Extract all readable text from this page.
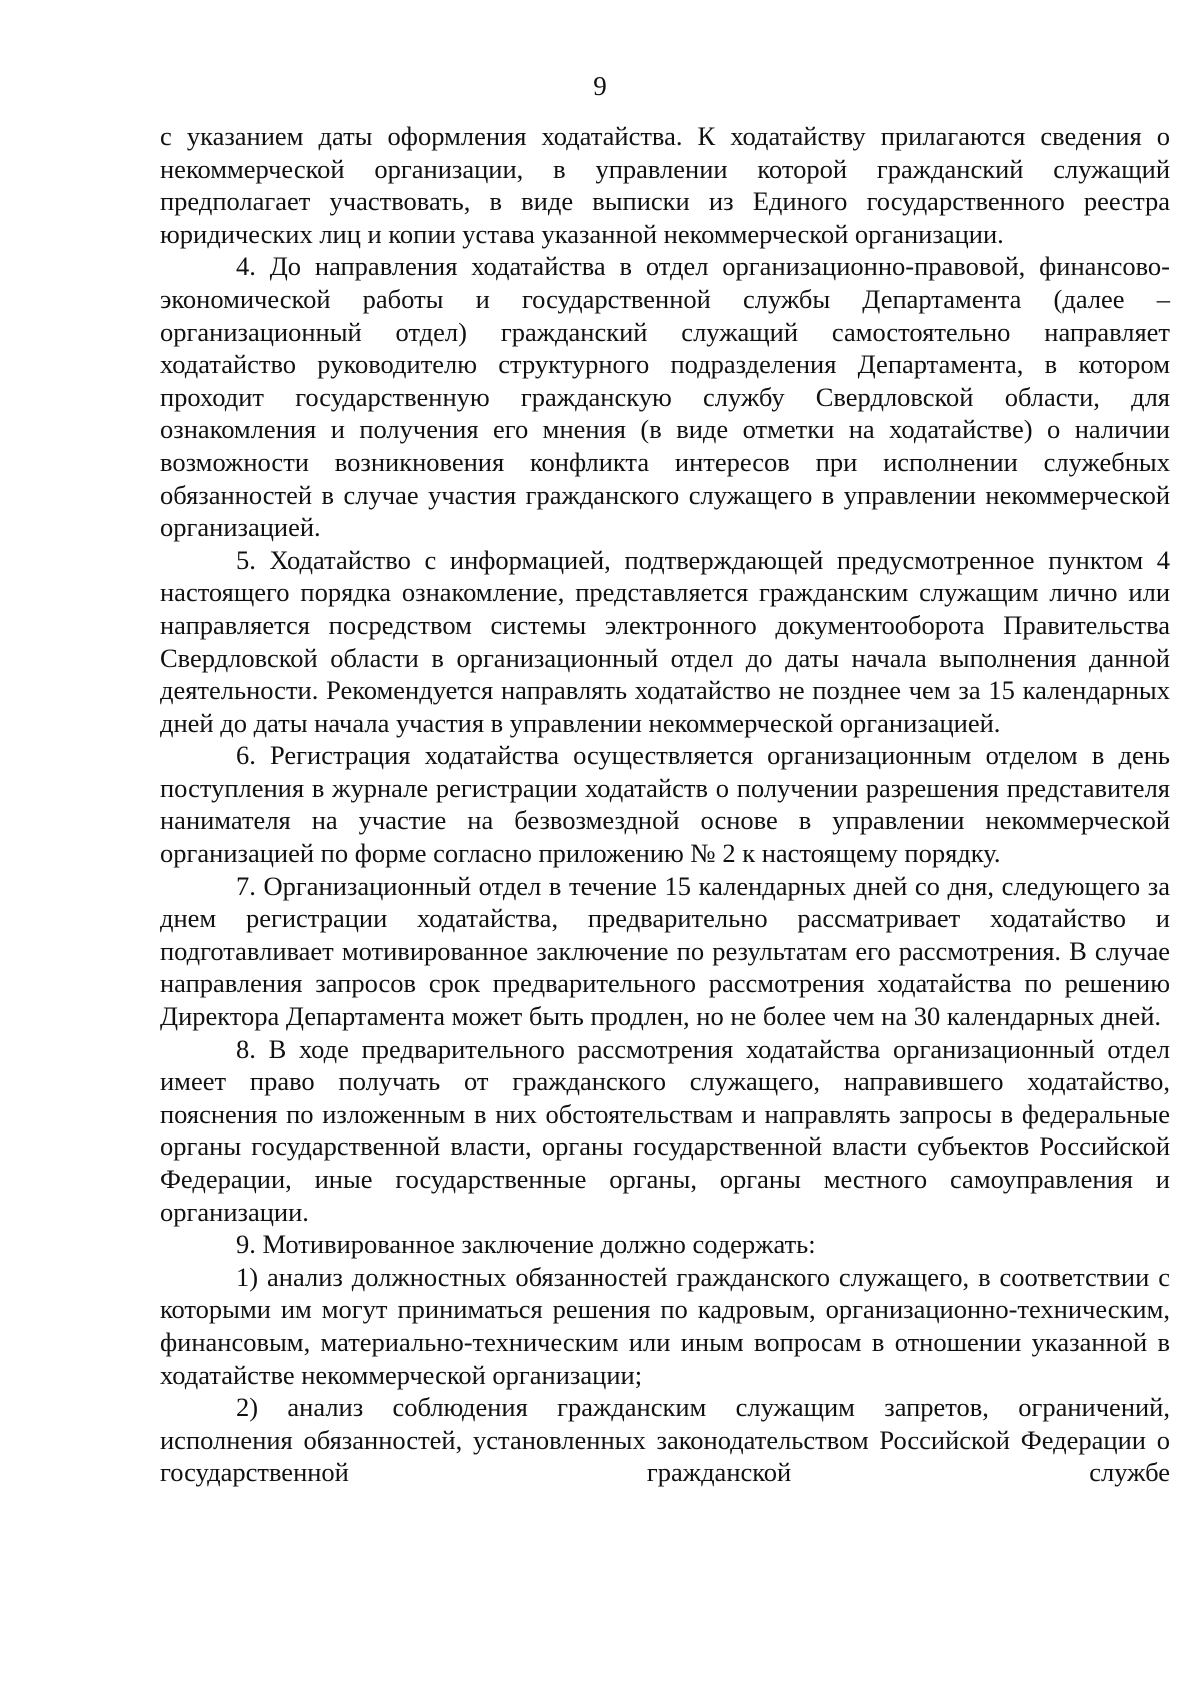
9

с указанием даты оформления ходатайства. К ходатайству прилагаются сведения о некоммерческой организации, в управлении которой гражданский служащий предполагает участвовать, в виде выписки из Единого государственного реестра юридических лиц и копии устава указанной некоммерческой организации.

4. До направления ходатайства в отдел организационно-правовой, финансово-экономической работы и государственной службы Департамента (далее – организационный отдел) гражданский служащий самостоятельно направляет ходатайство руководителю структурного подразделения Департамента, в котором проходит государственную гражданскую службу Свердловской области, для ознакомления и получения его мнения (в виде отметки на ходатайстве) о наличии возможности возникновения конфликта интересов при исполнении служебных обязанностей в случае участия гражданского служащего в управлении некоммерческой организацией.

5. Ходатайство с информацией, подтверждающей предусмотренное пунктом 4 настоящего порядка ознакомление, представляется гражданским служащим лично или направляется посредством системы электронного документооборота Правительства Свердловской области в организационный отдел до даты начала выполнения данной деятельности. Рекомендуется направлять ходатайство не позднее чем за 15 календарных дней до даты начала участия в управлении некоммерческой организацией.

6. Регистрация ходатайства осуществляется организационным отделом в день поступления в журнале регистрации ходатайств о получении разрешения представителя нанимателя на участие на безвозмездной основе в управлении некоммерческой организацией по форме согласно приложению № 2 к настоящему порядку.

7. Организационный отдел в течение 15 календарных дней со дня, следующего за днем регистрации ходатайства, предварительно рассматривает ходатайство и подготавливает мотивированное заключение по результатам его рассмотрения. В случае направления запросов срок предварительного рассмотрения ходатайства по решению Директора Департамента может быть продлен, но не более чем на 30 календарных дней.

8. В ходе предварительного рассмотрения ходатайства организационный отдел имеет право получать от гражданского служащего, направившего ходатайство, пояснения по изложенным в них обстоятельствам и направлять запросы в федеральные органы государственной власти, органы государственной власти субъектов Российской Федерации, иные государственные органы, органы местного самоуправления и организации.

9. Мотивированное заключение должно содержать:

1) анализ должностных обязанностей гражданского служащего, в соответствии с которыми им могут приниматься решения по кадровым, организационно-техническим, финансовым, материально-техническим или иным вопросам в отношении указанной в ходатайстве некоммерческой организации;

2) анализ соблюдения гражданским служащим запретов, ограничений, исполнения обязанностей, установленных законодательством Российской Федерации о государственной гражданской службе
